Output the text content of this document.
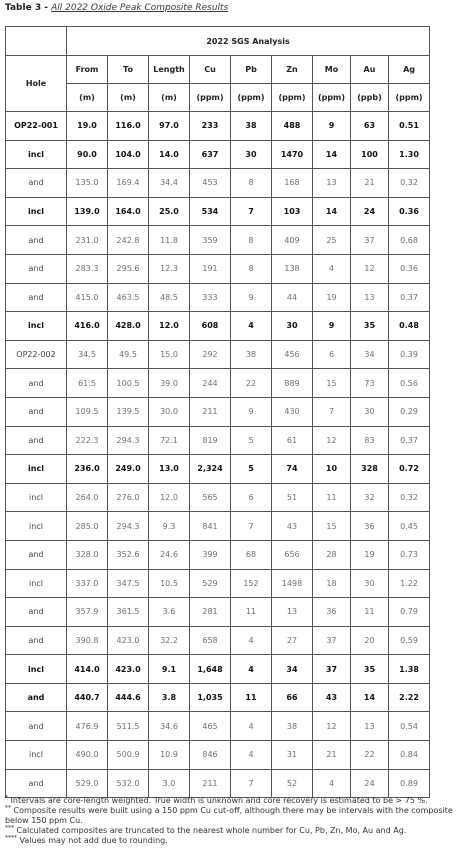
Table 3 - All 2022 Oxide Peak Composite Results
	2022 SGS Analysis								
Hole	From	To	Length	Cu	Pb	Zn	Mo	Au	Ag
	(m)	(m)	(m)	(ppm)	(ppm)	(ppm)	(ppm)	(ppb)	(ppm)
OP22-001	19.0	116.0	97.0	233	38	488	9	63	0.51
incl	90.0	104.0	14.0	637	30	1470	14	100	1.30
and	135.0	169.4	34.4	453	8	168	13	21	0.32
incl	139.0	164.0	25.0	534	7	103	14	24	0.36
and	231.0	242.8	11.8	359	8	409	25	37	0.68
and	283.3	295.6	12.3	191	8	138	4	12	0.36
and	415.0	463.5	48.5	333	9	44	19	13	0.37
incl	416.0	428.0	12.0	608	4	30	9	35	0.48
OP22-002	34.5	49.5	15.0	292	38	456	6	34	0.39
and	61.5	100.5	39.0	244	22	889	15	73	0.56
and	109.5	139.5	30.0	211	9	430	7	30	0.29
and	222.3	294.3	72.1	819	5	61	12	83	0.37
incl	236.0	249.0	13.0	2,324	5	74	10	328	0.72
incl	264.0	276.0	12.0	565	6	51	11	32	0.32
incl	285.0	294.3	9.3	841	7	43	15	36	0.45
and	328.0	352.6	24.6	399	68	656	28	19	0.73
incl	337.0	347.5	10.5	529	152	1498	18	30	1.22
and	357.9	361.5	3.6	281	11	13	36	11	0.79
and	390.8	423.0	32.2	658	4	27	37	20	0.59
incl	414.0	423.0	9.1	1,648	4	34	37	35	1.38
and	440.7	444.6	3.8	1,035	11	66	43	14	2.22
and	476.9	511.5	34.6	465	4	38	12	13	0.54
incl	490.0	500.9	10.9	846	4	31	21	22	0.84
and	529.0	532.0	3.0	211	7	52	4	24	0.89

* Intervals are core-length weighted. True width is unknown and core recovery is estimated to be > 75 %.

** Composite results were built using a 150 ppm Cu cut-off, although there may be intervals with the composite below 150 ppm Cu.

*** Calculated composites are truncated to the nearest whole number for Cu, Pb, Zn, Mo, Au and Ag.

**** Values may not add due to rounding.
